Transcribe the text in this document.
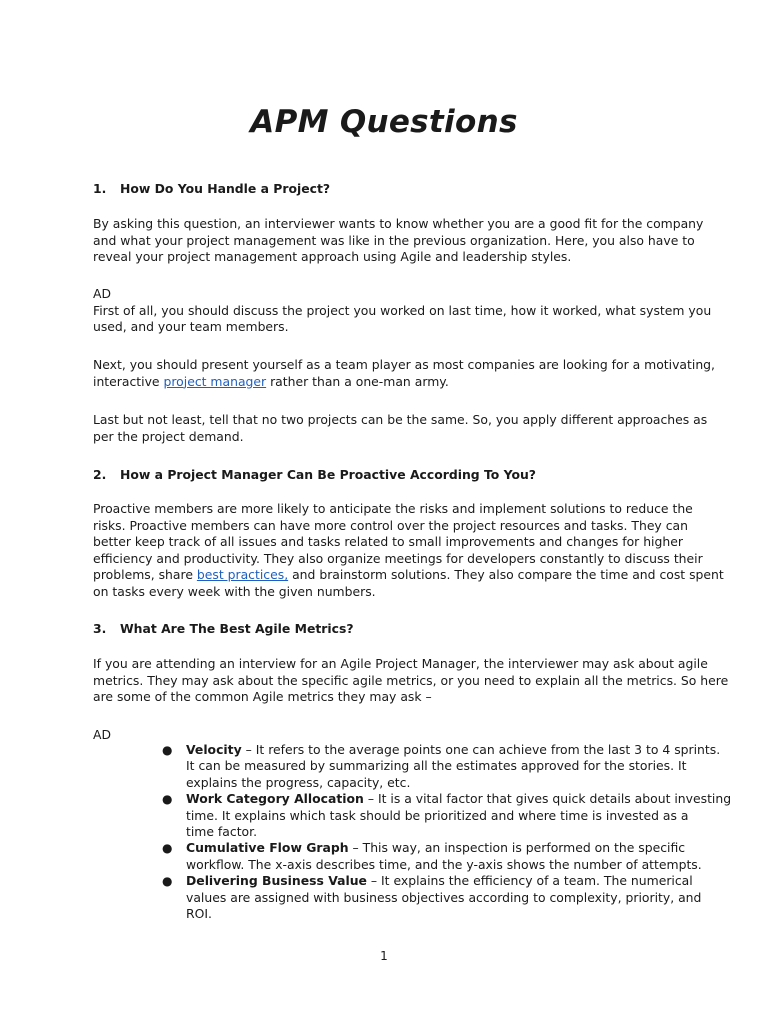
APM Questions
1. How Do You Handle a Project?
By asking this question, an interviewer wants to know whether you are a good fit for the company
and what your project management was like in the previous organization. Here, you also have to
reveal your project management approach using Agile and leadership styles.
AD
First of all, you should discuss the project you worked on last time, how it worked, what system you
used, and your team members.
Next, you should present yourself as a team player as most companies are looking for a motivating,
interactive project manager rather than a one-man army.
Last but not least, tell that no two projects can be the same. So, you apply different approaches as
per the project demand.
2. How a Project Manager Can Be Proactive According To You?
Proactive members are more likely to anticipate the risks and implement solutions to reduce the
risks. Proactive members can have more control over the project resources and tasks. They can
better keep track of all issues and tasks related to small improvements and changes for higher
efficiency and productivity. They also organize meetings for developers constantly to discuss their
problems, share best practices, and brainstorm solutions. They also compare the time and cost spent
on tasks every week with the given numbers.
3. What Are The Best Agile Metrics?
If you are attending an interview for an Agile Project Manager, the interviewer may ask about agile
metrics. They may ask about the specific agile metrics, or you need to explain all the metrics. So here
are some of the common Agile metrics they may ask –
AD
● Velocity – It refers to the average points one can achieve from the last 3 to 4 sprints.
It can be measured by summarizing all the estimates approved for the stories. It
explains the progress, capacity, etc.
● Work Category Allocation – It is a vital factor that gives quick details about investing
time. It explains which task should be prioritized and where time is invested as a
time factor.
● Cumulative Flow Graph – This way, an inspection is performed on the specific
workflow. The x-axis describes time, and the y-axis shows the number of attempts.
● Delivering Business Value – It explains the efficiency of a team. The numerical
values are assigned with business objectives according to complexity, priority, and
ROI.
1
